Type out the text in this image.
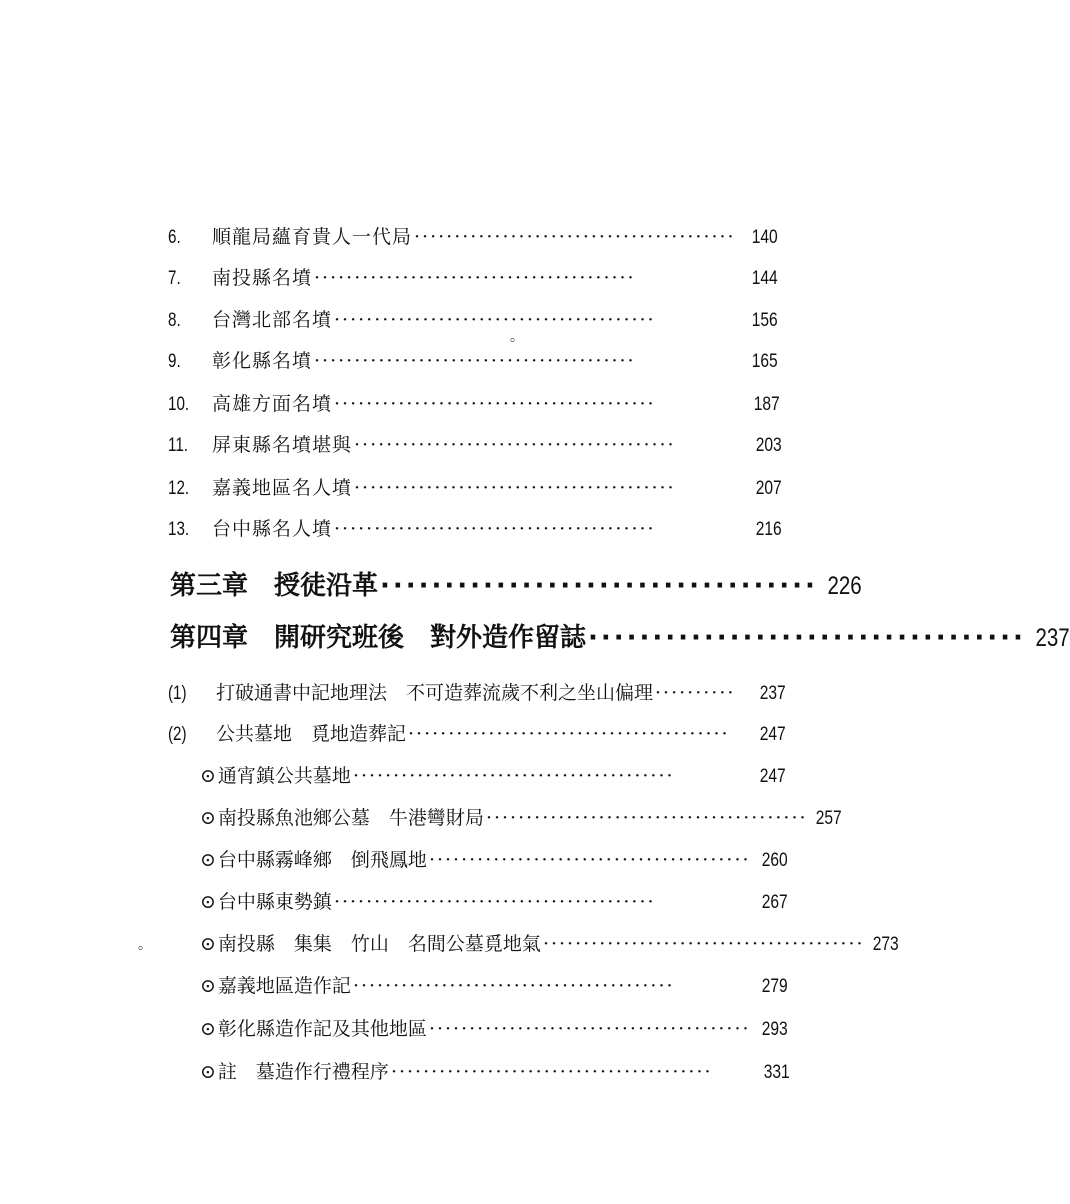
6.	順龍局蘊育貴人一代局 ········································ 140
7.	南投縣名墳 ········································	144
8.	台灣北部名墳 ········································	156
9.	彰化縣名墳 ········································	165
10.	高雄方面名墳 ········································	187
11.	屏東縣名墳堪與 ········································	203
12.	嘉義地區名人墳 ········································	207
13.	台中縣名人墳 ········································	216
第三章　授徒沿革 ·································· 226
第四章　開研究班後　對外造作留誌 ·································· 237
(1)	打破通書中記地理法　不可造葬流歲不利之坐山偏理 ··········	237
(2)	公共墓地　覓地造葬記 ········································	247
⊙ 通宵鎮公共墓地 ········································	247
⊙ 南投縣魚池鄉公墓　牛港彎財局 ········································ 257
⊙ 台中縣霧峰鄉　倒飛鳳地 ········································ 260
⊙ 台中縣東勢鎮 ········································	267
⊙ 南投縣　集集　竹山　名間公墓覓地氣 ········································ 273
⊙ 嘉義地區造作記 ········································	279
⊙ 彰化縣造作記及其他地區 ········································ 293
⊙ 註　墓造作行禮程序 ········································	331
。
。
